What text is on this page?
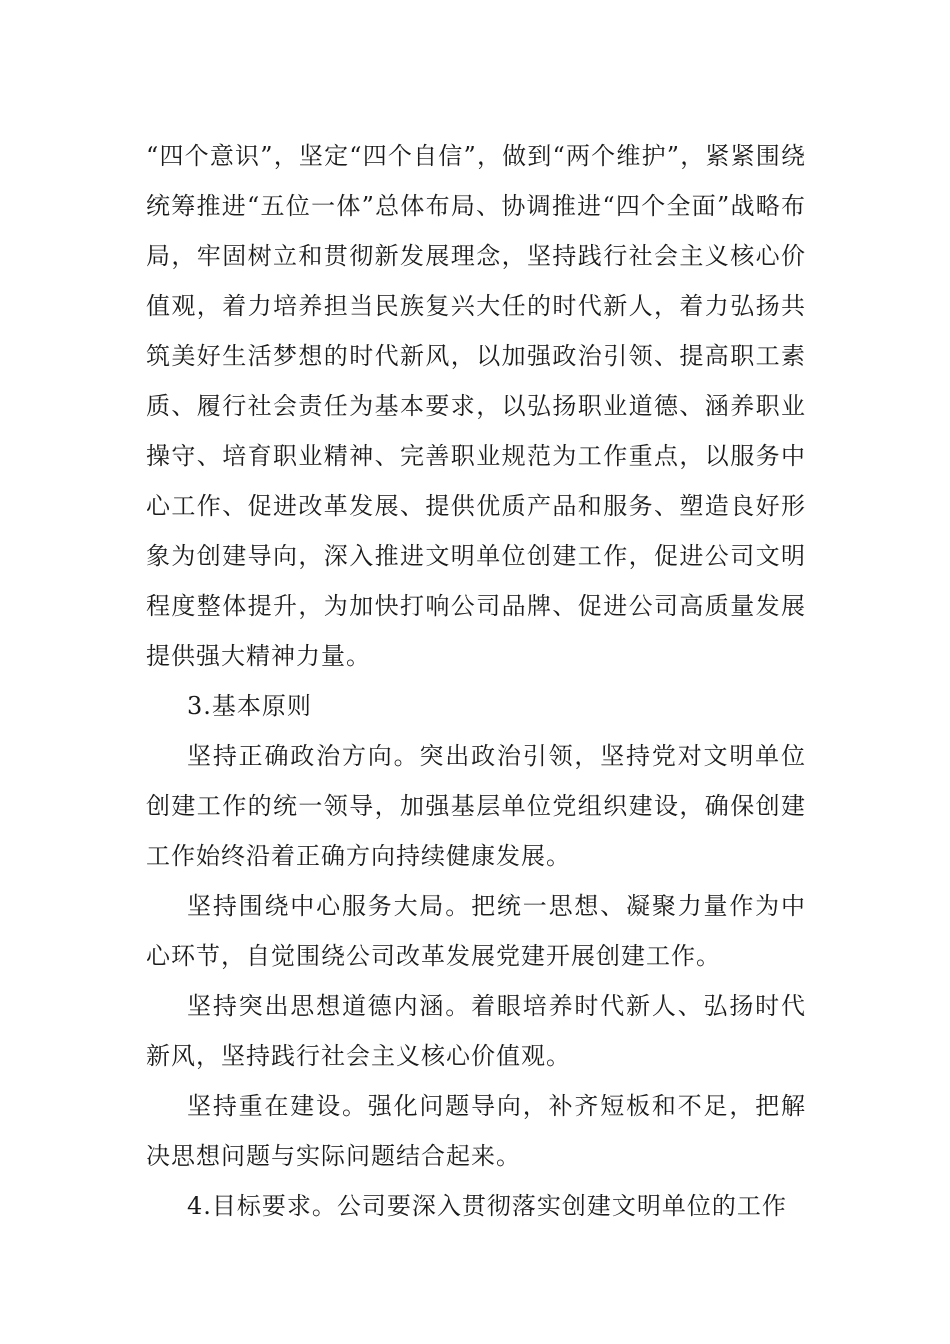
“四个意识”，坚定“四个自信”，做到“两个维护”，紧紧围绕统筹推进“五位一体”总体布局、协调推进“四个全面”战略布局，牢固树立和贯彻新发展理念，坚持践行社会主义核心价值观，着力培养担当民族复兴大任的时代新人，着力弘扬共筑美好生活梦想的时代新风，以加强政治引领、提高职工素质、履行社会责任为基本要求，以弘扬职业道德、涵养职业操守、培育职业精神、完善职业规范为工作重点，以服务中心工作、促进改革发展、提供优质产品和服务、塑造良好形象为创建导向，深入推进文明单位创建工作，促进公司文明程度整体提升，为加快打响公司品牌、促进公司高质量发展提供强大精神力量。

3.基本原则

坚持正确政治方向。突出政治引领，坚持党对文明单位创建工作的统一领导，加强基层单位党组织建设，确保创建工作始终沿着正确方向持续健康发展。

坚持围绕中心服务大局。把统一思想、凝聚力量作为中心环节，自觉围绕公司改革发展党建开展创建工作。

坚持突出思想道德内涵。着眼培养时代新人、弘扬时代新风，坚持践行社会主义核心价值观。

坚持重在建设。强化问题导向，补齐短板和不足，把解决思想问题与实际问题结合起来。

4.目标要求。公司要深入贯彻落实创建文明单位的工作
